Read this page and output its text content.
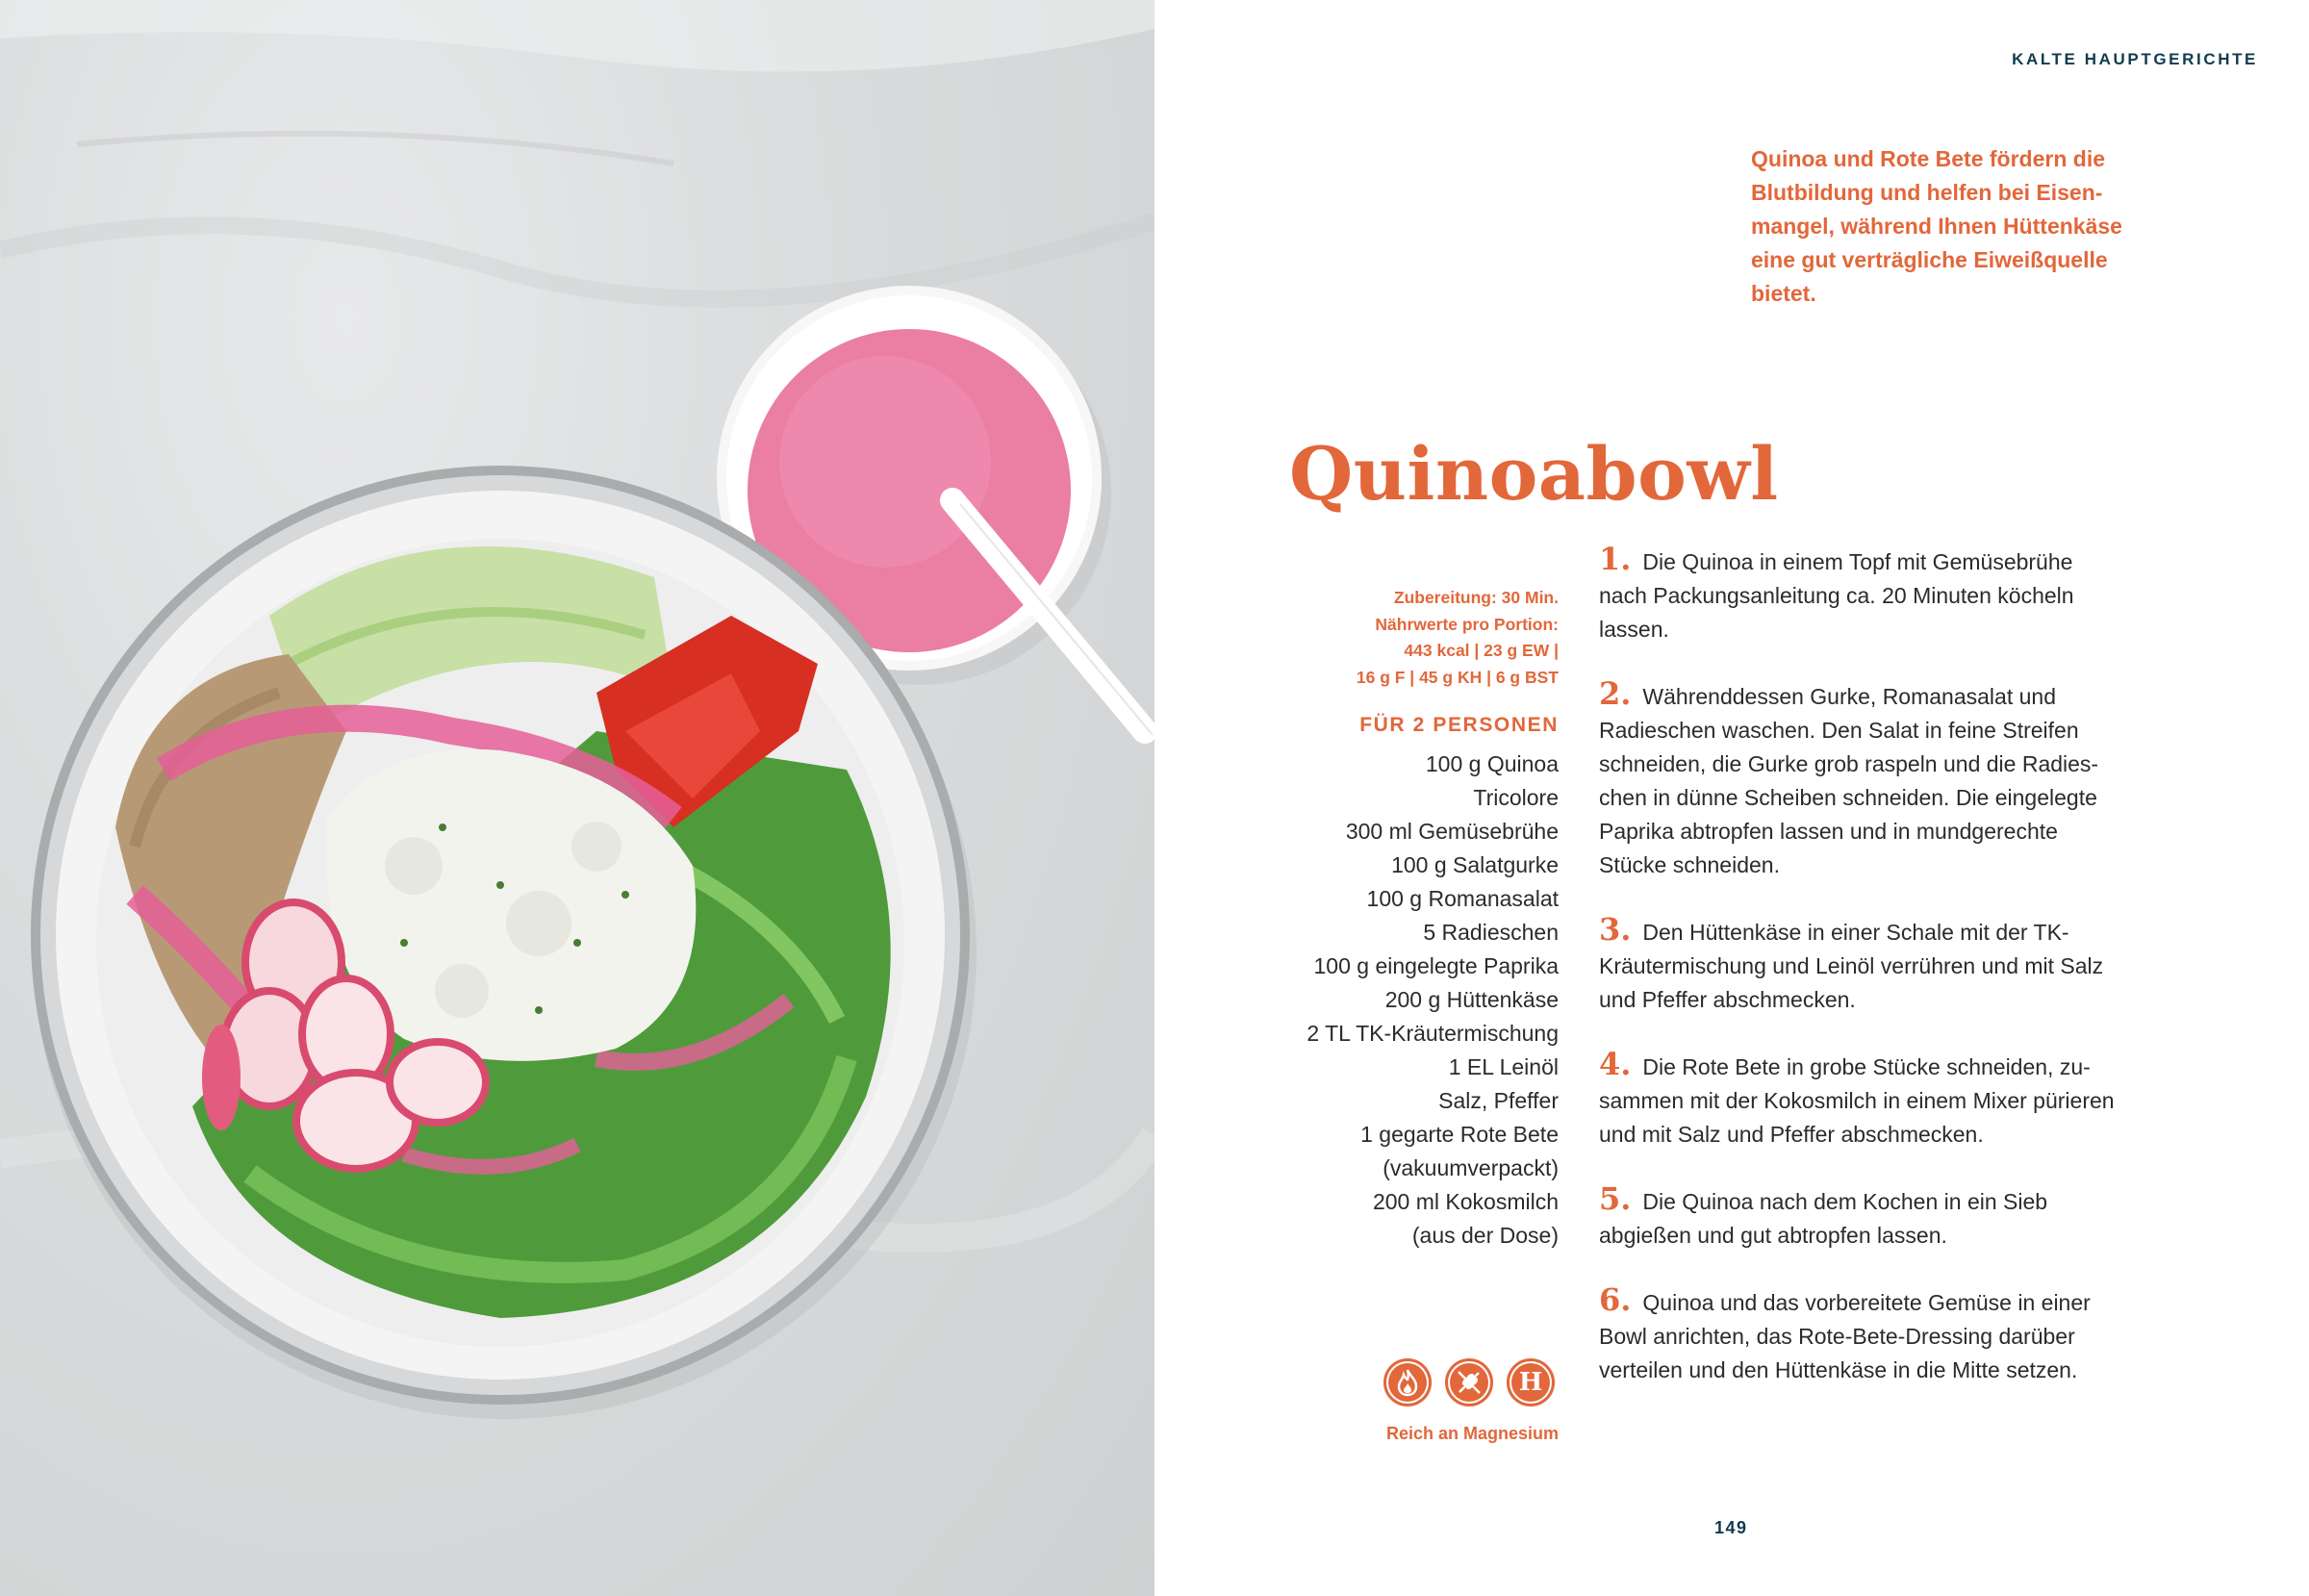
KALTE HAUPTGERICHTE
Quinoa und Rote Bete fördern die
Blutbildung und helfen bei Eisen-
mangel, während Ihnen Hüttenkäse
eine gut verträgliche Eiweißquelle
bietet.
Quinoabowl
Zubereitung: 30 Min.
Nährwerte pro Portion:
443 kcal | 23 g EW |
16 g F | 45 g KH | 6 g BST
FÜR 2 PERSONEN
100 g Quinoa
Tricolore
300 ml Gemüsebrühe
100 g Salatgurke
100 g Romanasalat
5 Radieschen
100 g eingelegte Paprika
200 g Hüttenkäse
2 TL TK-Kräutermischung
1 EL Leinöl
Salz, Pfeffer
1 gegarte Rote Bete
(vakuumverpackt)
200 ml Kokosmilch
(aus der Dose)
H
Reich an Magnesium
1. Die Quinoa in einem Topf mit Gemüsebrühe
nach Packungsanleitung ca. 20 Minuten köcheln
lassen.
2. Währenddessen Gurke, Romanasalat und
Radieschen waschen. Den Salat in feine Streifen
schneiden, die Gurke grob raspeln und die Radies-
chen in dünne Scheiben schneiden. Die eingelegte
Paprika abtropfen lassen und in mundgerechte
Stücke schneiden.
3. Den Hüttenkäse in einer Schale mit der TK-
Kräutermischung und Leinöl verrühren und mit Salz
und Pfeffer abschmecken.
4. Die Rote Bete in grobe Stücke schneiden, zu-
sammen mit der Kokosmilch in einem Mixer pürieren
und mit Salz und Pfeffer abschmecken.
5. Die Quinoa nach dem Kochen in ein Sieb
abgießen und gut abtropfen lassen.
6. Quinoa und das vorbereitete Gemüse in einer
Bowl anrichten, das Rote-Bete-Dressing darüber
verteilen und den Hüttenkäse in die Mitte setzen.
149
